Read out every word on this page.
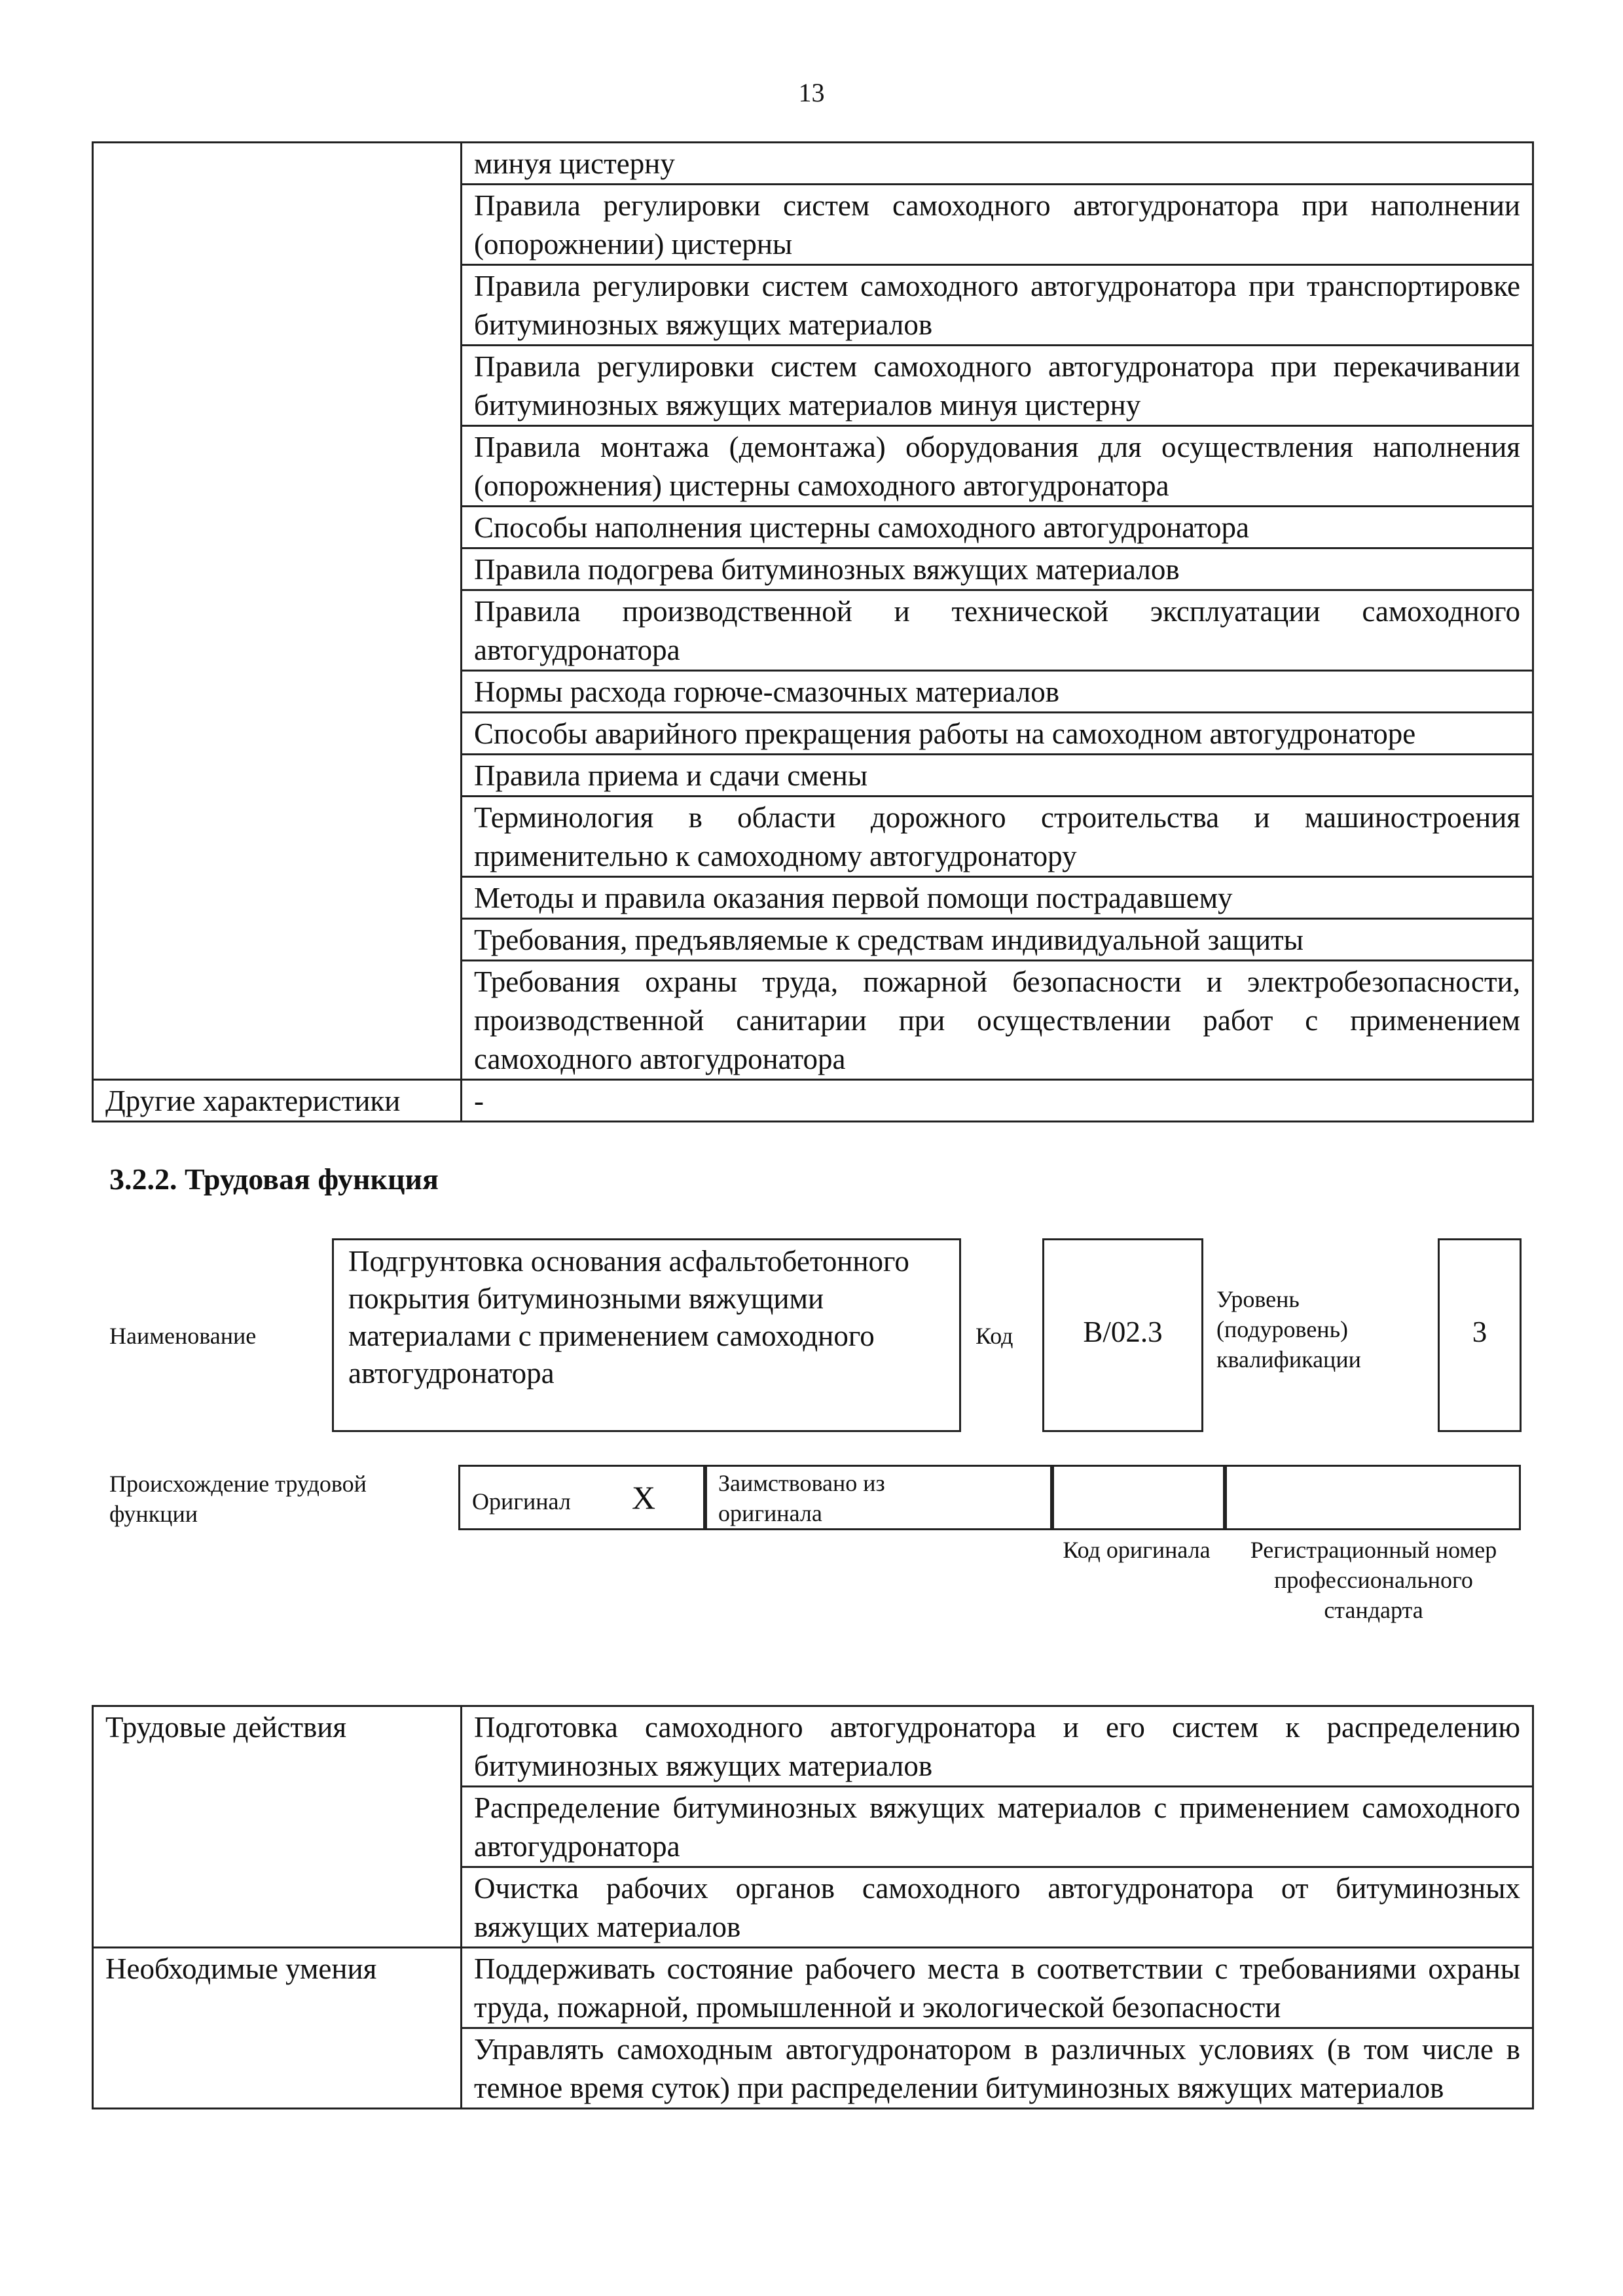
13
	минуя цистерну
	Правила регулировки систем самоходного автогудронатора при наполнении (опорожнении) цистерны
	Правила регулировки систем самоходного автогудронатора при транспортировке битуминозных вяжущих материалов
	Правила регулировки систем самоходного автогудронатора при перекачивании битуминозных вяжущих материалов минуя цистерну
	Правила монтажа (демонтажа) оборудования для осуществления наполнения (опорожнения) цистерны самоходного автогудронатора
	Способы наполнения цистерны самоходного автогудронатора
	Правила подогрева битуминозных вяжущих материалов
	Правила производственной и технической эксплуатации самоходного автогудронатора
	Нормы расхода горюче-смазочных материалов
	Способы аварийного прекращения работы на самоходном автогудронаторе
	Правила приема и сдачи смены
	Терминология в области дорожного строительства и машиностроения применительно к самоходному автогудронатору
	Методы и правила оказания первой помощи пострадавшему
	Требования, предъявляемые к средствам индивидуальной защиты
	Требования охраны труда, пожарной безопасности и электробезопасности, производственной санитарии при осуществлении работ с применением самоходного автогудронатора
Другие характеристики	-
3.2.2. Трудовая функция
Наименование
Подгрунтовка основания асфальтобетонного покрытия битуминозными вяжущими материалами с применением самоходного автогудронатора
Код	В/02.3
Уровень (подуровень) квалификации
3
Происхождение трудовой функции	Оригинал X	Заимствовано из оригинала
Код оригинала	Регистрационный номер профессионального стандарта
Трудовые действия	Подготовка самоходного автогудронатора и его систем к распределению битуминозных вяжущих материалов
	Распределение битуминозных вяжущих материалов с применением самоходного автогудронатора
	Очистка рабочих органов самоходного автогудронатора от битуминозных вяжущих материалов
Необходимые умения	Поддерживать состояние рабочего места в соответствии с требованиями охраны труда, пожарной, промышленной и экологической безопасности
	Управлять самоходным автогудронатором в различных условиях (в том числе в темное время суток) при распределении битуминозных вяжущих материалов
